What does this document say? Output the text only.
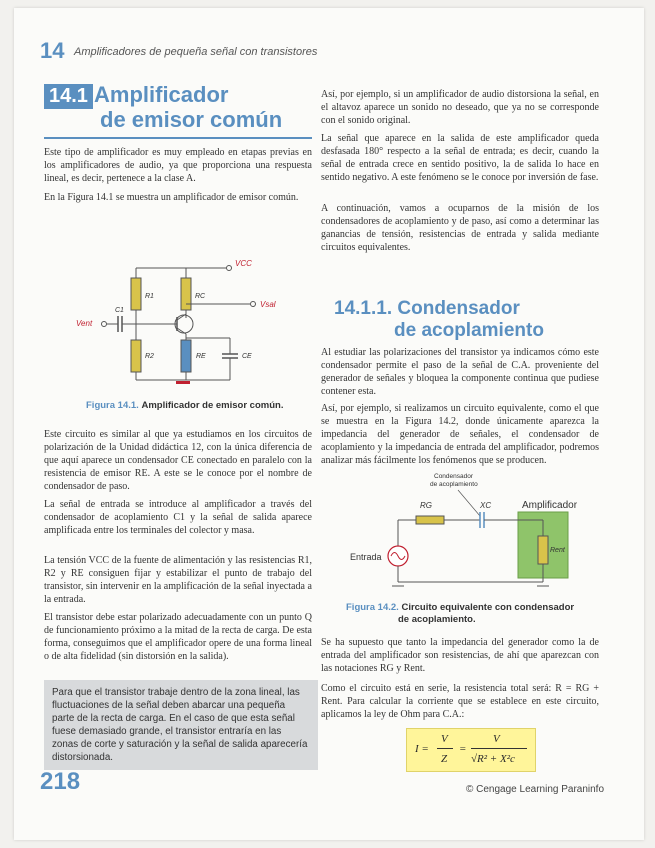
14 Amplificadores de pequeña señal con transistores
14.1 Amplificador
de emisor común
Este tipo de amplificador es muy empleado en etapas previas en los amplificadores de audio, ya que proporciona una respuesta lineal, es decir, pertenece a la clase A.
En la Figura 14.1 se muestra un amplificador de emisor común.
VCC
R1
R2
RC
Vsal
Vent
C1
RE	CE
Figura 14.1. Amplificador de emisor común.
Este circuito es similar al que ya estudiamos en los circuitos de polarización de la Unidad didáctica 12, con la única diferencia de que aquí aparece un condensador CE conectado en paralelo con la resistencia de emisor RE. A este se le conoce por el nombre de condensador de paso.
La señal de entrada se introduce al amplificador a través del condensador de acoplamiento C1 y la señal de salida aparece amplificada entre los terminales del colector y masa.
La tensión VCC de la fuente de alimentación y las resistencias R1, R2 y RE consiguen fijar y estabilizar el punto de trabajo del transistor, sin intervenir en la amplificación de la señal inyectada a la entrada.
El transistor debe estar polarizado adecuadamente con un punto Q de funcionamiento próximo a la mitad de la recta de carga. De esta forma, conseguimos que el amplificador opere de una forma lineal o de alta fidelidad (sin distorsión en la salida).
Para que el transistor trabaje dentro de la zona lineal, las fluctuaciones de la señal deben abarcar una pequeña parte de la recta de carga. En el caso de que esta señal fuese demasiado grande, el transistor entraría en las zonas de corte y saturación y la señal de salida aparecería distorsionada.
Así, por ejemplo, si un amplificador de audio distorsiona la señal, en el altavoz aparece un sonido no deseado, que ya no se corresponde con el sonido original.
La señal que aparece en la salida de este amplificador queda desfasada 180° respecto a la señal de entrada; es decir, cuando la señal de entrada crece en sentido positivo, la de salida lo hace en sentido negativo. A este fenómeno se le conoce por inversión de fase.
A continuación, vamos a ocuparnos de la misión de los condensadores de acoplamiento y de paso, así como a determinar las ganancias de tensión, resistencias de entrada y salida mediante circuitos equivalentes.
14.1.1. Condensador
de acoplamiento
Al estudiar las polarizaciones del transistor ya indicamos cómo este condensador permite el paso de la señal de C.A. proveniente del generador de señales y bloquea la componente continua que pudiese contener esta.
Así, por ejemplo, si realizamos un circuito equivalente, como el que se muestra en la Figura 14.2, donde únicamente aparezca la impedancia del generador de señales, el condensador de acoplamiento y la impedancia de entrada del amplificador, podremos analizar más fácilmente los fenómenos que se producen.
Condensador
de acoplamiento
RG	XC	Amplificador
Rent
Entrada
Figura 14.2. Circuito equivalente con condensador
de acoplamiento.
Se ha supuesto que tanto la impedancia del generador como la de entrada del amplificador son resistencias, de ahí que aparezcan con las notaciones RG y Rent.
Como el circuito está en serie, la resistencia total será: R = RG + Rent. Para calcular la corriente que se establece en este circuito, aplicamos la ley de Ohm para C.A.:
I =
V
Z
=
V
√R² + X²c
218	© Cengage Learning Paraninfo
